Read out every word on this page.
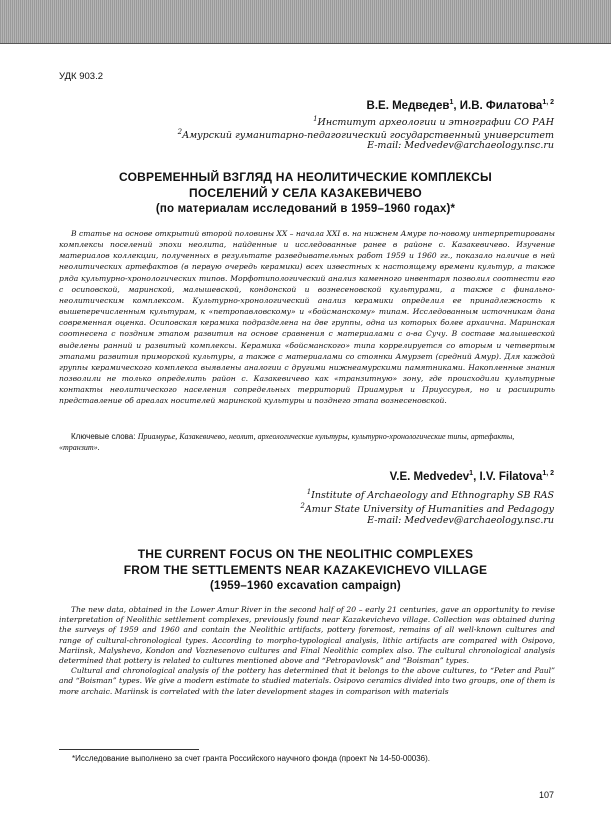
УДК 903.2
В.Е. Медведев$^1$, И.В. Филатова$^{1, 2}$
$^1$Институт археологии и этнографии СО РАН
$^2$Амурский гуманитарно-педагогический государственный университет
E-mail: Medvedev@archaeology.nsc.ru
СОВРЕМЕННЫЙ ВЗГЛЯД НА НЕОЛИТИЧЕСКИЕ КОМПЛЕКСЫ
ПОСЕЛЕНИЙ У СЕЛА КАЗАКЕВИЧЕВО
(по материалам исследований в 1959–1960 годах)*

В статье на основе открытий второй половины XX – начала XXI в. на нижнем Амуре по-новому интерпретированы комплексы поселений эпохи неолита, найденные и исследованные ранее в районе с. Казакевичево. Изучение материалов коллекции, полученных в результате разведывательных работ 1959 и 1960 гг., показало наличие в ней неолитических артефактов (в первую очередь керамики) всех известных к настоящему времени культур, а также ряда культурно-хронологических типов. Морфотипологический анализ каменного инвентаря позволил соотнести его с осиповской, маринской, малышевской, кондонской и вознесеновской культурами, а также с финально-неолитическим комплексом. Культурно-хронологический анализ керамики определил ее принадлежность к вышеперечисленным культурам, к «петропавловскому» и «бойсманскому» типам. Исследованным источникам дана современная оценка. Осиповская керамика подразделена на две группы, одна из которых более архаична. Маринская соотнесена с поздним этапом развития на основе сравнения с материалами с о-ва Сучу. В составе малышевской выделены ранний и развитый комплексы. Керамика «бойсманского» типа коррелируется со вторым и четвертым этапами развития приморской культуры, а также с материалами со стоянки Амурзет (средний Амур). Для каждой группы керамического комплекса выявлены аналогии с другими нижнеамурскими памятниками. Накопленные знания позволили не только определить район с. Казакевичево как «транзитную» зону, где происходили культурные контакты неолитического населения сопредельных территорий Приамурья и Приуссурья, но и расширить представление об ареалах носителей маринской культуры и позднего этапа вознесеновской.

Ключевые слова: Приамурье, Казакевичево, неолит, археологические культуры, культурно-хронологические типы, артефакты, «транзит».
V.E. Medvedev$^1$, I.V. Filatova$^{1, 2}$
$^1$Institute of Archaeology and Ethnography SB RAS
$^2$Amur State University of Humanities and Pedagogy
E-mail: Medvedev@archaeology.nsc.ru
THE CURRENT FOCUS ON THE NEOLITHIC COMPLEXES
FROM THE SETTLEMENTS NEAR KAZAKEVICHEVO VILLAGE
(1959–1960 excavation campaign)

The new data, obtained in the Lower Amur River in the second half of 20 – early 21 centuries, gave an opportunity to revise interpretation of Neolithic settlement complexes, previously found near Kazakevichevo village. Collection was obtained during the surveys of 1959 and 1960 and contain the Neolithic artifacts, pottery foremost, remains of all well-known cultures and range of cultural-chronological types. According to morpho-typological analysis, lithic artifacts are compared with Osipovo, Mariinsk, Malyshevo, Kondon and Voznesenovo cultures and Final Neolithic complex also. The cultural chronological analysis determined that pottery is related to cultures mentioned above and “Petropavlovsk” and “Boisman” types.

Cultural and chronological analysis of the pottery has determined that it belongs to the above cultures, to “Peter and Paul” and “Boisman” types. We give a modern estimate to studied materials. Osipovo ceramics divided into two groups, one of them is more archaic. Mariinsk is correlated with the later development stages in comparison with materials

*Исследование выполнено за счет гранта Российского научного фонда (проект № 14-50-00036).
107
